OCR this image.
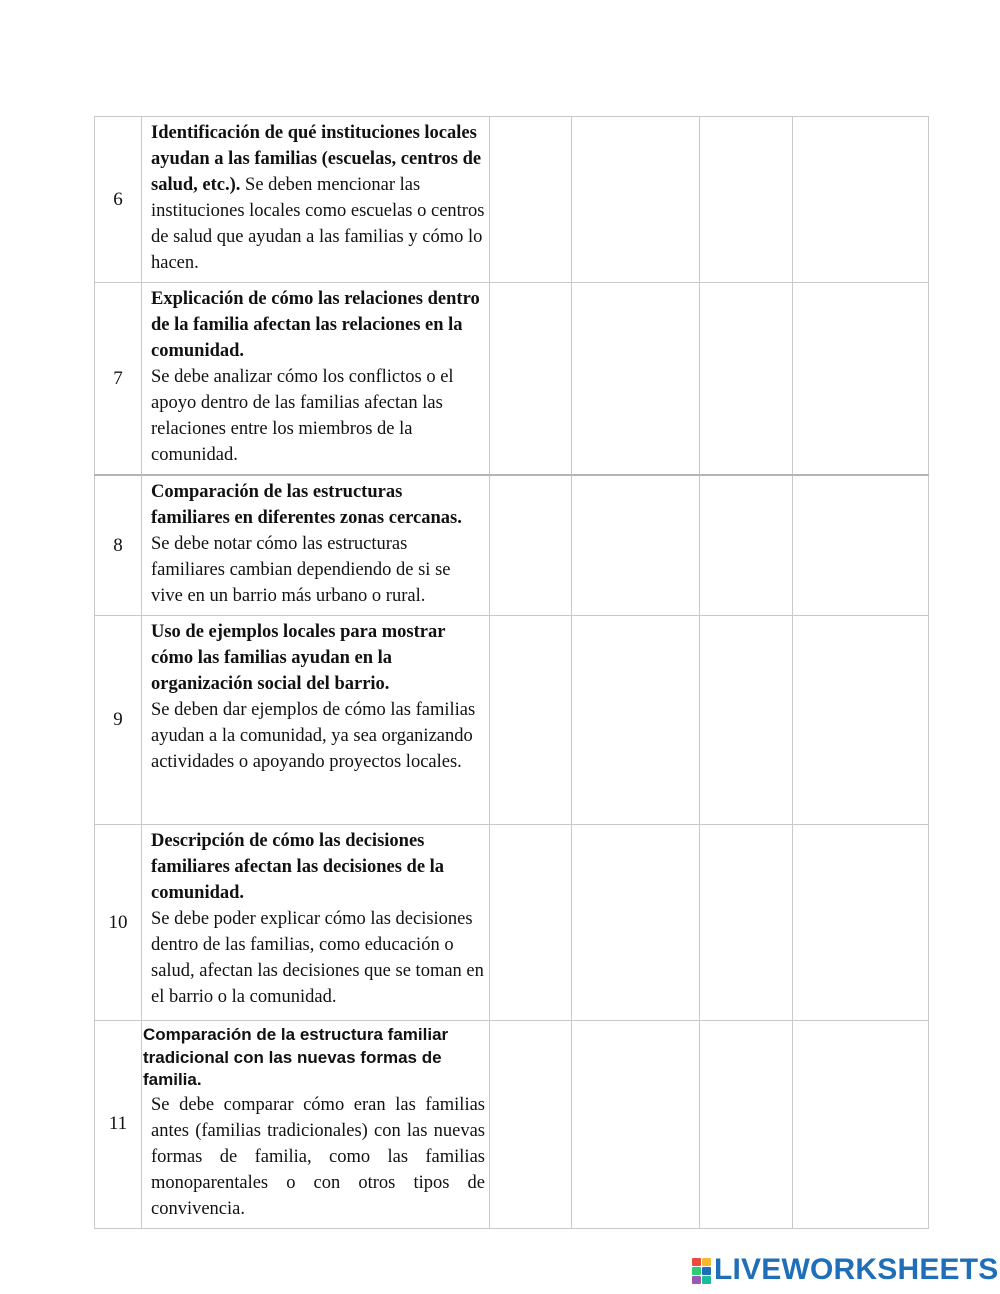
6	Identificación de qué instituciones locales ayudan a las familias (escuelas, centros de salud, etc.). Se deben mencionar las instituciones locales como escuelas o centros de salud que ayudan a las familias y cómo lo hacen.				

7	Explicación de cómo las relaciones dentro de la familia afectan las relaciones en la comunidad.
Se debe analizar cómo los conflictos o el apoyo dentro de las familias afectan las relaciones entre los miembros de la comunidad.				

8	Comparación de las estructuras familiares en diferentes zonas cercanas.
Se debe notar cómo las estructuras familiares cambian dependiendo de si se vive en un barrio más urbano o rural.				

9	Uso de ejemplos locales para mostrar cómo las familias ayudan en la organización social del barrio.
Se deben dar ejemplos de cómo las familias ayudan a la comunidad, ya sea organizando actividades o apoyando proyectos locales.				

10	Descripción de cómo las decisiones familiares afectan las decisiones de la comunidad.
Se debe poder explicar cómo las decisiones dentro de las familias, como educación o salud, afectan las decisiones que se toman en el barrio o la comunidad.				

11	Comparación de la estructura familiar tradicional con las nuevas formas de familia.
Se debe comparar cómo eran las familias antes (familias tradicionales) con las nuevas formas de familia, como las familias monoparentales o con otros tipos de convivencia.				

LIVEWORKSHEETS
